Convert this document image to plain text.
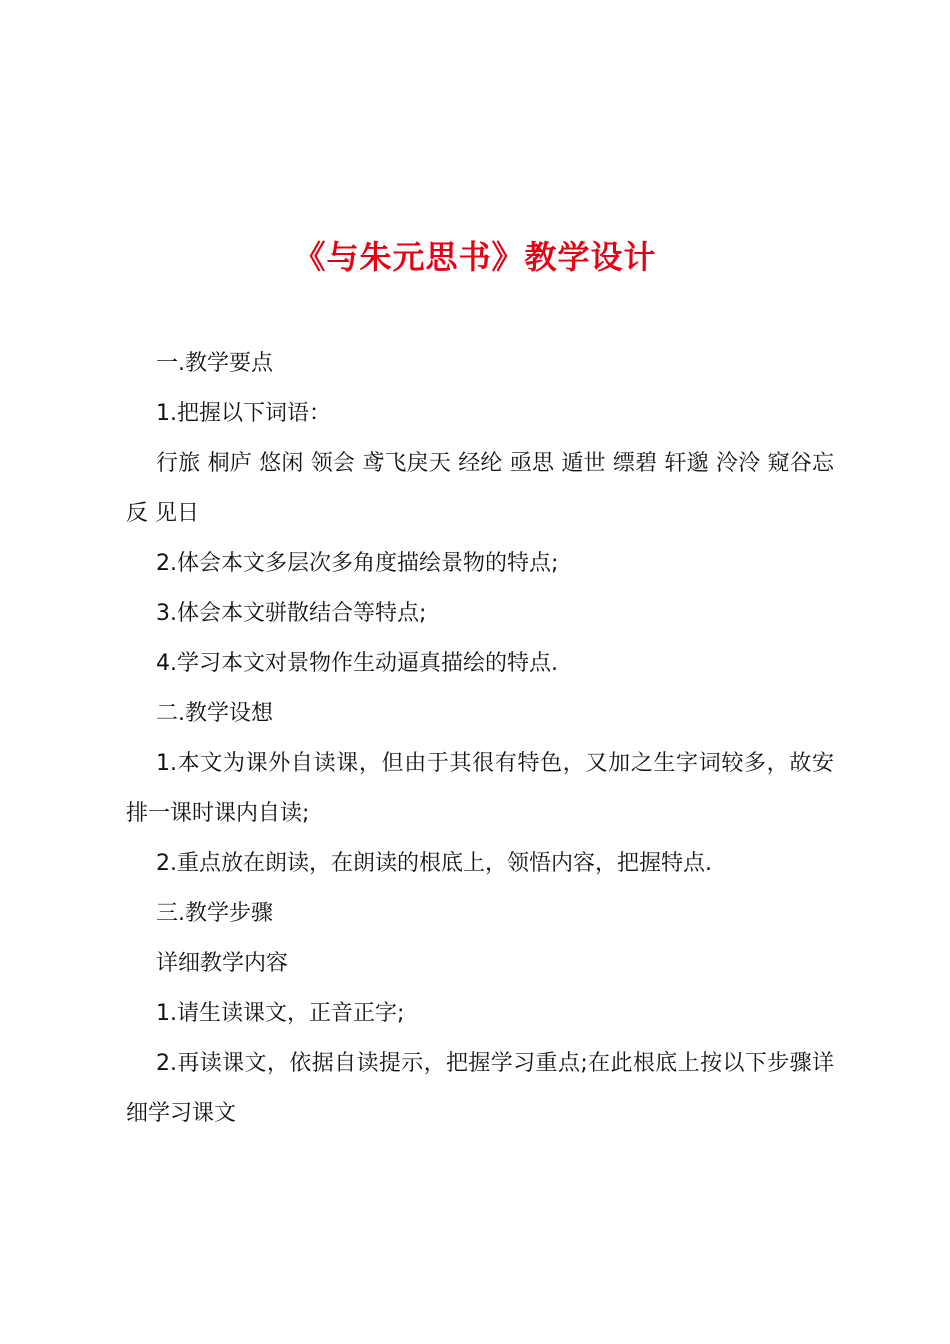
《与朱元思书》教学设计

一.教学要点

1.把握以下词语：

行旅 桐庐 悠闲 领会 鸢飞戾天 经纶 亟思 遁世 缥碧 轩邈 泠泠 窥谷忘反 见日

2.体会本文多层次多角度描绘景物的特点;

3.体会本文骈散结合等特点;

4.学习本文对景物作生动逼真描绘的特点.

二.教学设想

1.本文为课外自读课，但由于其很有特色，又加之生字词较多，故安排一课时课内自读;

2.重点放在朗读，在朗读的根底上，领悟内容，把握特点.

三.教学步骤

详细教学内容

1.请生读课文，正音正字;

2.再读课文，依据自读提示，把握学习重点;在此根底上按以下步骤详细学习课文
